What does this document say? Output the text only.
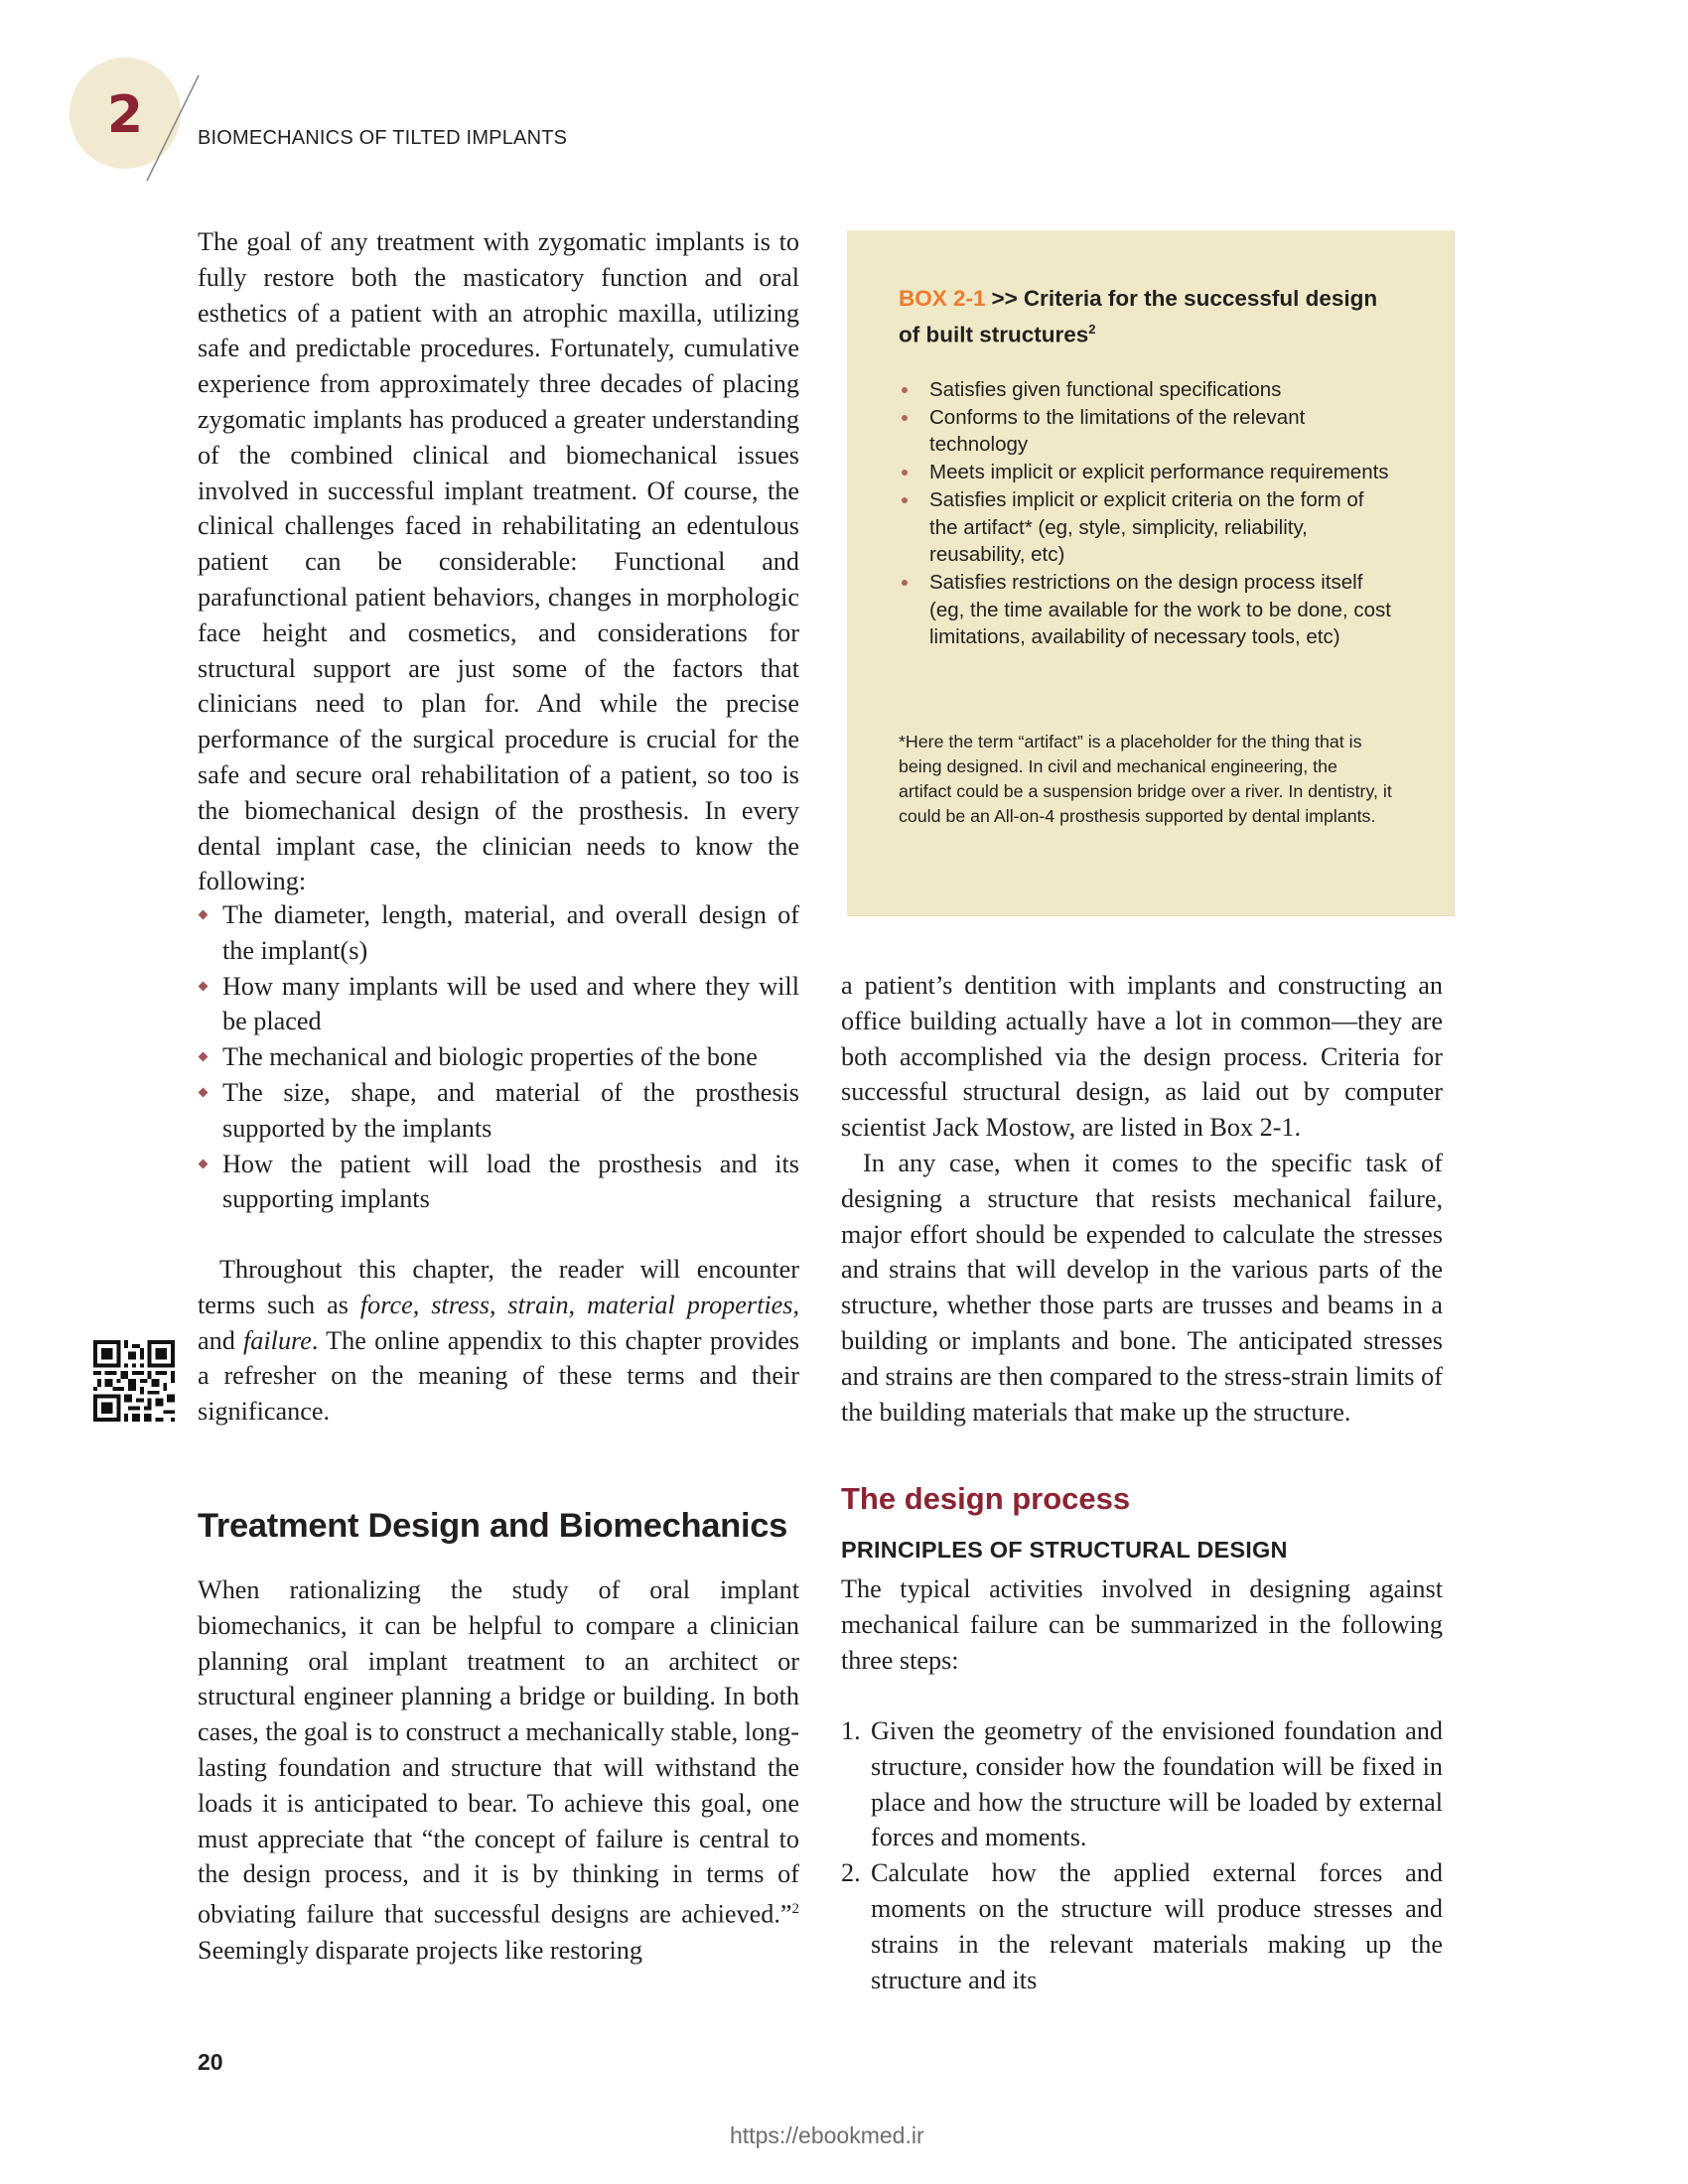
2	BIOMECHANICS OF TILTED IMPLANTS

The goal of any treatment with zygomatic implants is to fully restore both the masticatory function and oral esthetics of a patient with an atrophic maxilla, utilizing safe and predictable procedures. Fortunately, cumulative experience from approximately three decades of placing zygomatic implants has produced a greater understanding of the combined clinical and biomechanical issues involved in successful implant treatment. Of course, the clinical challenges faced in rehabilitating an edentulous patient can be considerable: Functional and parafunctional patient behaviors, changes in morphologic face height and cosmetics, and considerations for structural support are just some of the factors that clinicians need to plan for. And while the precise performance of the surgical procedure is crucial for the safe and secure oral rehabilitation of a patient, so too is the biomechanical design of the prosthesis. In every dental implant case, the clinician needs to know the following:

The diameter, length, material, and overall design of the implant(s)
How many implants will be used and where they will be placed
The mechanical and biologic properties of the bone
The size, shape, and material of the prosthesis supported by the implants
How the patient will load the prosthesis and its supporting implants

Throughout this chapter, the reader will encounter terms such as force, stress, strain, material properties, and failure. The online appendix to this chapter provides a refresher on the meaning of these terms and their significance.

Treatment Design and Biomechanics

When rationalizing the study of oral implant biomechanics, it can be helpful to compare a clinician planning oral implant treatment to an architect or structural engineer planning a bridge or building. In both cases, the goal is to construct a mechanically stable, long-lasting foundation and structure that will withstand the loads it is anticipated to bear. To achieve this goal, one must appreciate that “the concept of failure is central to the design process, and it is by thinking in terms of obviating failure that successful designs are achieved.”$^2$ Seemingly disparate projects like restoring

BOX 2-1 >> Criteria for the successful design of built structures$^2$
Satisfies given functional specifications
Conforms to the limitations of the relevant technology
Meets implicit or explicit performance requirements
Satisfies implicit or explicit criteria on the form of the artifact* (eg, style, simplicity, reliability, reusability, etc)
Satisfies restrictions on the design process itself (eg, the time available for the work to be done, cost limitations, availability of necessary tools, etc)
*Here the term “artifact” is a placeholder for the thing that is being designed. In civil and mechanical engineering, the artifact could be a suspension bridge over a river. In dentistry, it could be an All-on-4 prosthesis supported by dental implants.

a patient’s dentition with implants and constructing an office building actually have a lot in common—they are both accomplished via the design process. Criteria for successful structural design, as laid out by computer scientist Jack Mostow, are listed in Box 2-1.

In any case, when it comes to the specific task of designing a structure that resists mechanical failure, major effort should be expended to calculate the stresses and strains that will develop in the various parts of the structure, whether those parts are trusses and beams in a building or implants and bone. The anticipated stresses and strains are then compared to the stress-strain limits of the building materials that make up the structure.

The design process
PRINCIPLES OF STRUCTURAL DESIGN

The typical activities involved in designing against mechanical failure can be summarized in the following three steps:

1. Given the geometry of the envisioned foundation and structure, consider how the foundation will be fixed in place and how the structure will be loaded by external forces and moments.
2. Calculate how the applied external forces and moments on the structure will produce stresses and strains in the relevant materials making up the structure and its
20
https://ebookmed.ir
